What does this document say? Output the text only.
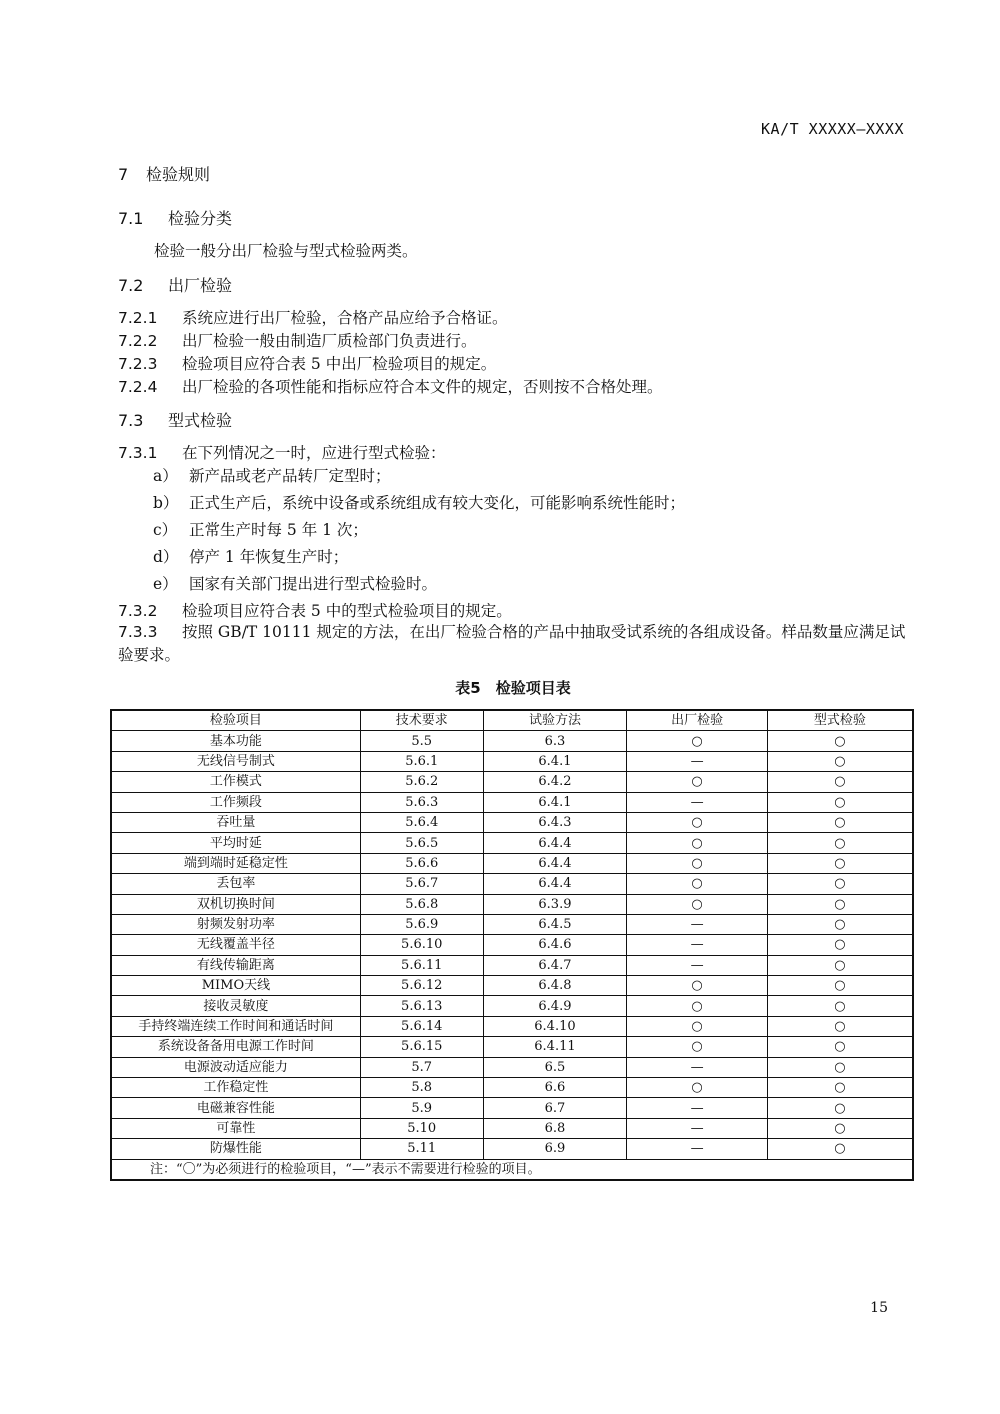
KA/T XXXXX—XXXX
7 检验规则
7.1 检验分类
检验一般分出厂检验与型式检验两类。
7.2 出厂检验
7.2.1 系统应进行出厂检验，合格产品应给予合格证。
7.2.2 出厂检验一般由制造厂质检部门负责进行。
7.2.3 检验项目应符合表 5 中出厂检验项目的规定。
7.2.4 出厂检验的各项性能和指标应符合本文件的规定，否则按不合格处理。
7.3 型式检验
7.3.1 在下列情况之一时，应进行型式检验：
a） 新产品或老产品转厂定型时；
b） 正式生产后，系统中设备或系统组成有较大变化，可能影响系统性能时；
c） 正常生产时每 5 年 1 次；
d） 停产 1 年恢复生产时；
e） 国家有关部门提出进行型式检验时。
7.3.2 检验项目应符合表 5 中的型式检验项目的规定。
7.3.3 按照 GB/T 10111 规定的方法，在出厂检验合格的产品中抽取受试系统的各组成设备。样品数量应满足试验要求。
表5　检验项目表
检验项目	技术要求	试验方法	出厂检验	型式检验
基本功能	5.5	6.3	○	○
无线信号制式	5.6.1	6.4.1	—	○
工作模式	5.6.2	6.4.2	○	○
工作频段	5.6.3	6.4.1	—	○
吞吐量	5.6.4	6.4.3	○	○
平均时延	5.6.5	6.4.4	○	○
端到端时延稳定性	5.6.6	6.4.4	○	○
丢包率	5.6.7	6.4.4	○	○
双机切换时间	5.6.8	6.3.9	○	○
射频发射功率	5.6.9	6.4.5	—	○
无线覆盖半径	5.6.10	6.4.6	—	○
有线传输距离	5.6.11	6.4.7	—	○
MIMO天线	5.6.12	6.4.8	○	○
接收灵敏度	5.6.13	6.4.9	○	○
手持终端连续工作时间和通话时间	5.6.14	6.4.10	○	○
系统设备备用电源工作时间	5.6.15	6.4.11	○	○
电源波动适应能力	5.7	6.5	—	○
工作稳定性	5.8	6.6	○	○
电磁兼容性能	5.9	6.7	—	○
可靠性	5.10	6.8	—	○
防爆性能	5.11	6.9	—	○
注：“〇”为必须进行的检验项目，“—”表示不需要进行检验的项目。				
15
